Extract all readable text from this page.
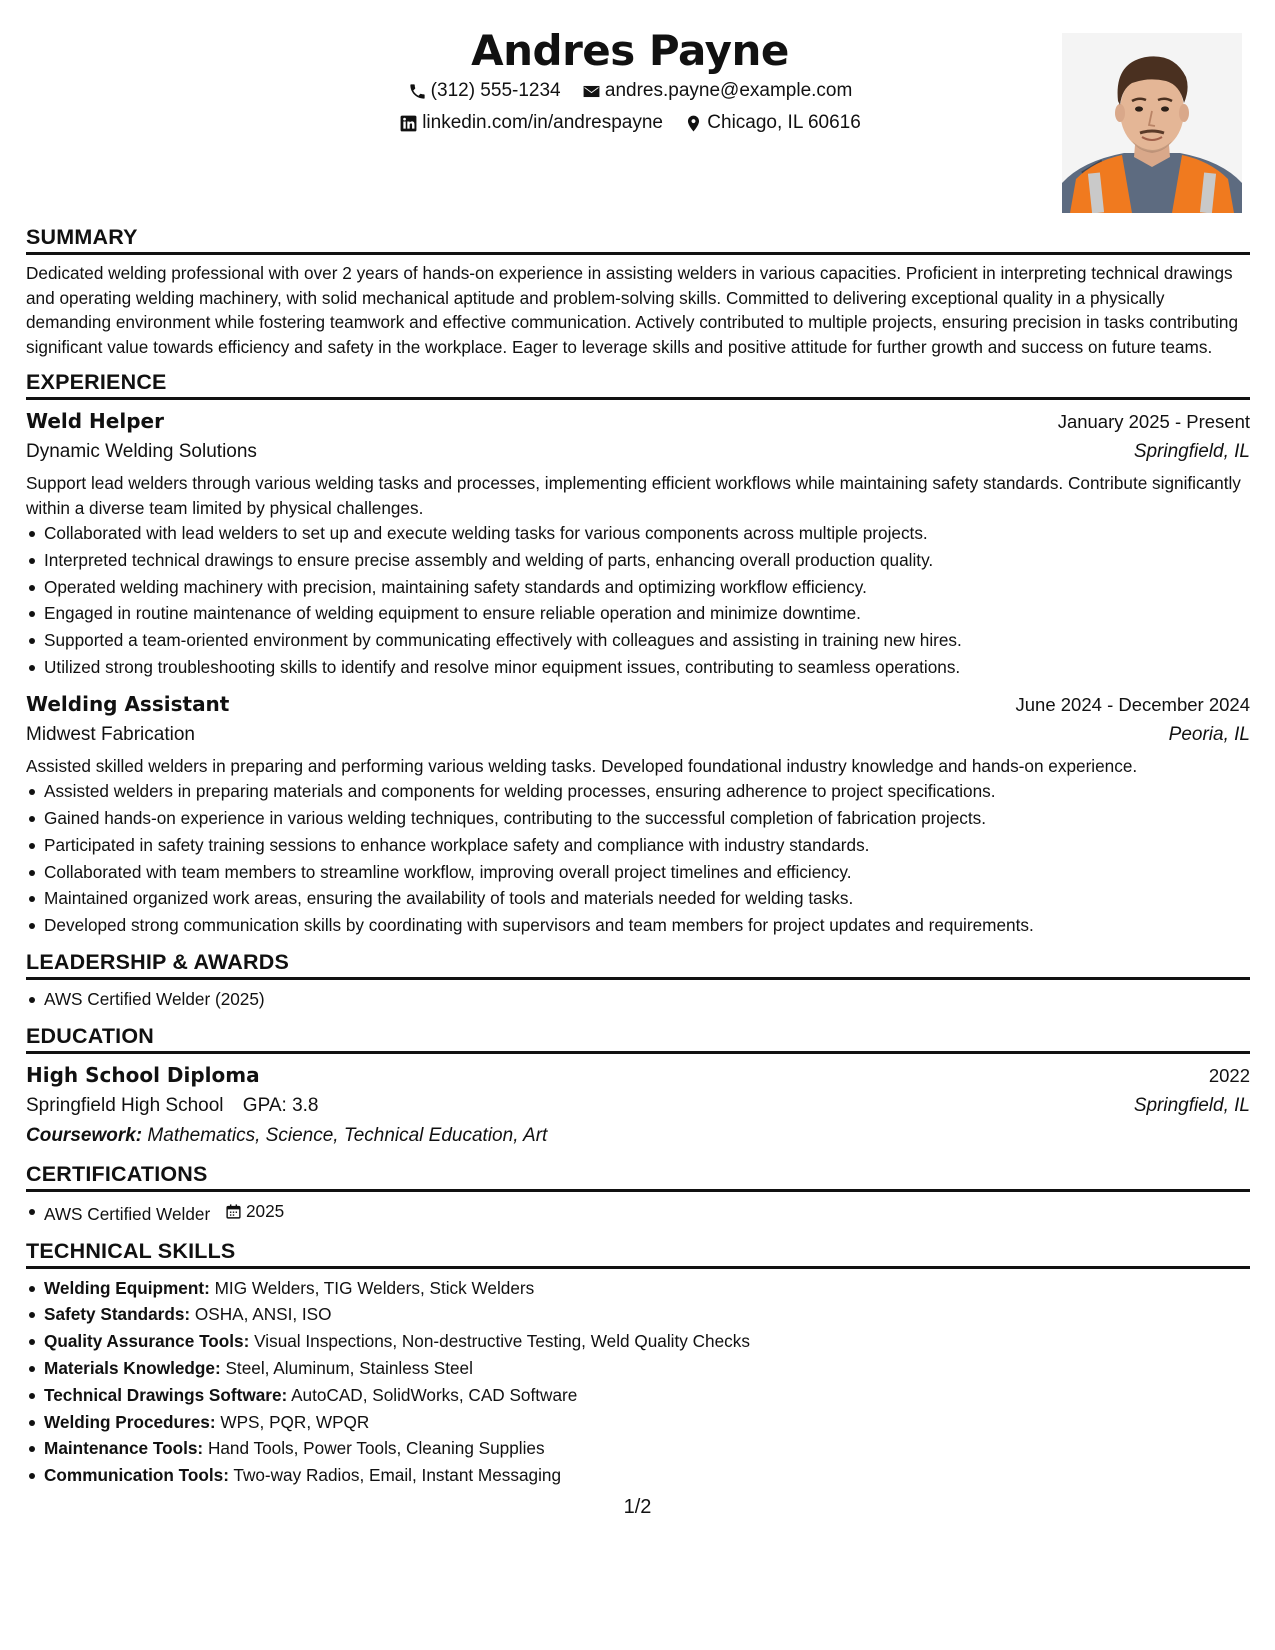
Andres Payne
(312) 555-1234
andres.payne@example.com
linkedin.com/in/andrespayne
Chicago, IL 60616
SUMMARY

Dedicated welding professional with over 2 years of hands-on experience in assisting welders in various capacities. Proficient in interpreting technical drawings and operating welding machinery, with solid mechanical aptitude and problem-solving skills. Committed to delivering exceptional quality in a physically demanding environment while fostering teamwork and effective communication. Actively contributed to multiple projects, ensuring precision in tasks contributing significant value towards efficiency and safety in the workplace. Eager to leverage skills and positive attitude for further growth and success on future teams.

EXPERIENCE
Weld Helper	January 2025 - Present
Dynamic Welding Solutions	Springfield, IL

Support lead welders through various welding tasks and processes, implementing efficient workflows while maintaining safety standards. Contribute significantly within a diverse team limited by physical challenges.

Collaborated with lead welders to set up and execute welding tasks for various components across multiple projects.
Interpreted technical drawings to ensure precise assembly and welding of parts, enhancing overall production quality.
Operated welding machinery with precision, maintaining safety standards and optimizing workflow efficiency.
Engaged in routine maintenance of welding equipment to ensure reliable operation and minimize downtime.
Supported a team-oriented environment by communicating effectively with colleagues and assisting in training new hires.
Utilized strong troubleshooting skills to identify and resolve minor equipment issues, contributing to seamless operations.
Welding Assistant	June 2024 - December 2024
Midwest Fabrication	Peoria, IL

Assisted skilled welders in preparing and performing various welding tasks. Developed foundational industry knowledge and hands-on experience.

Assisted welders in preparing materials and components for welding processes, ensuring adherence to project specifications.
Gained hands-on experience in various welding techniques, contributing to the successful completion of fabrication projects.
Participated in safety training sessions to enhance workplace safety and compliance with industry standards.
Collaborated with team members to streamline workflow, improving overall project timelines and efficiency.
Maintained organized work areas, ensuring the availability of tools and materials needed for welding tasks.
Developed strong communication skills by coordinating with supervisors and team members for project updates and requirements.
LEADERSHIP & AWARDS
AWS Certified Welder (2025)
EDUCATION
High School Diploma	2022
Springfield High School GPA: 3.8	Springfield, IL
Coursework: Mathematics, Science, Technical Education, Art
CERTIFICATIONS
AWS Certified Welder 2025
TECHNICAL SKILLS
Welding Equipment: MIG Welders, TIG Welders, Stick Welders
Safety Standards: OSHA, ANSI, ISO
Quality Assurance Tools: Visual Inspections, Non-destructive Testing, Weld Quality Checks
Materials Knowledge: Steel, Aluminum, Stainless Steel
Technical Drawings Software: AutoCAD, SolidWorks, CAD Software
Welding Procedures: WPS, PQR, WPQR
Maintenance Tools: Hand Tools, Power Tools, Cleaning Supplies
Communication Tools: Two-way Radios, Email, Instant Messaging
1/2
